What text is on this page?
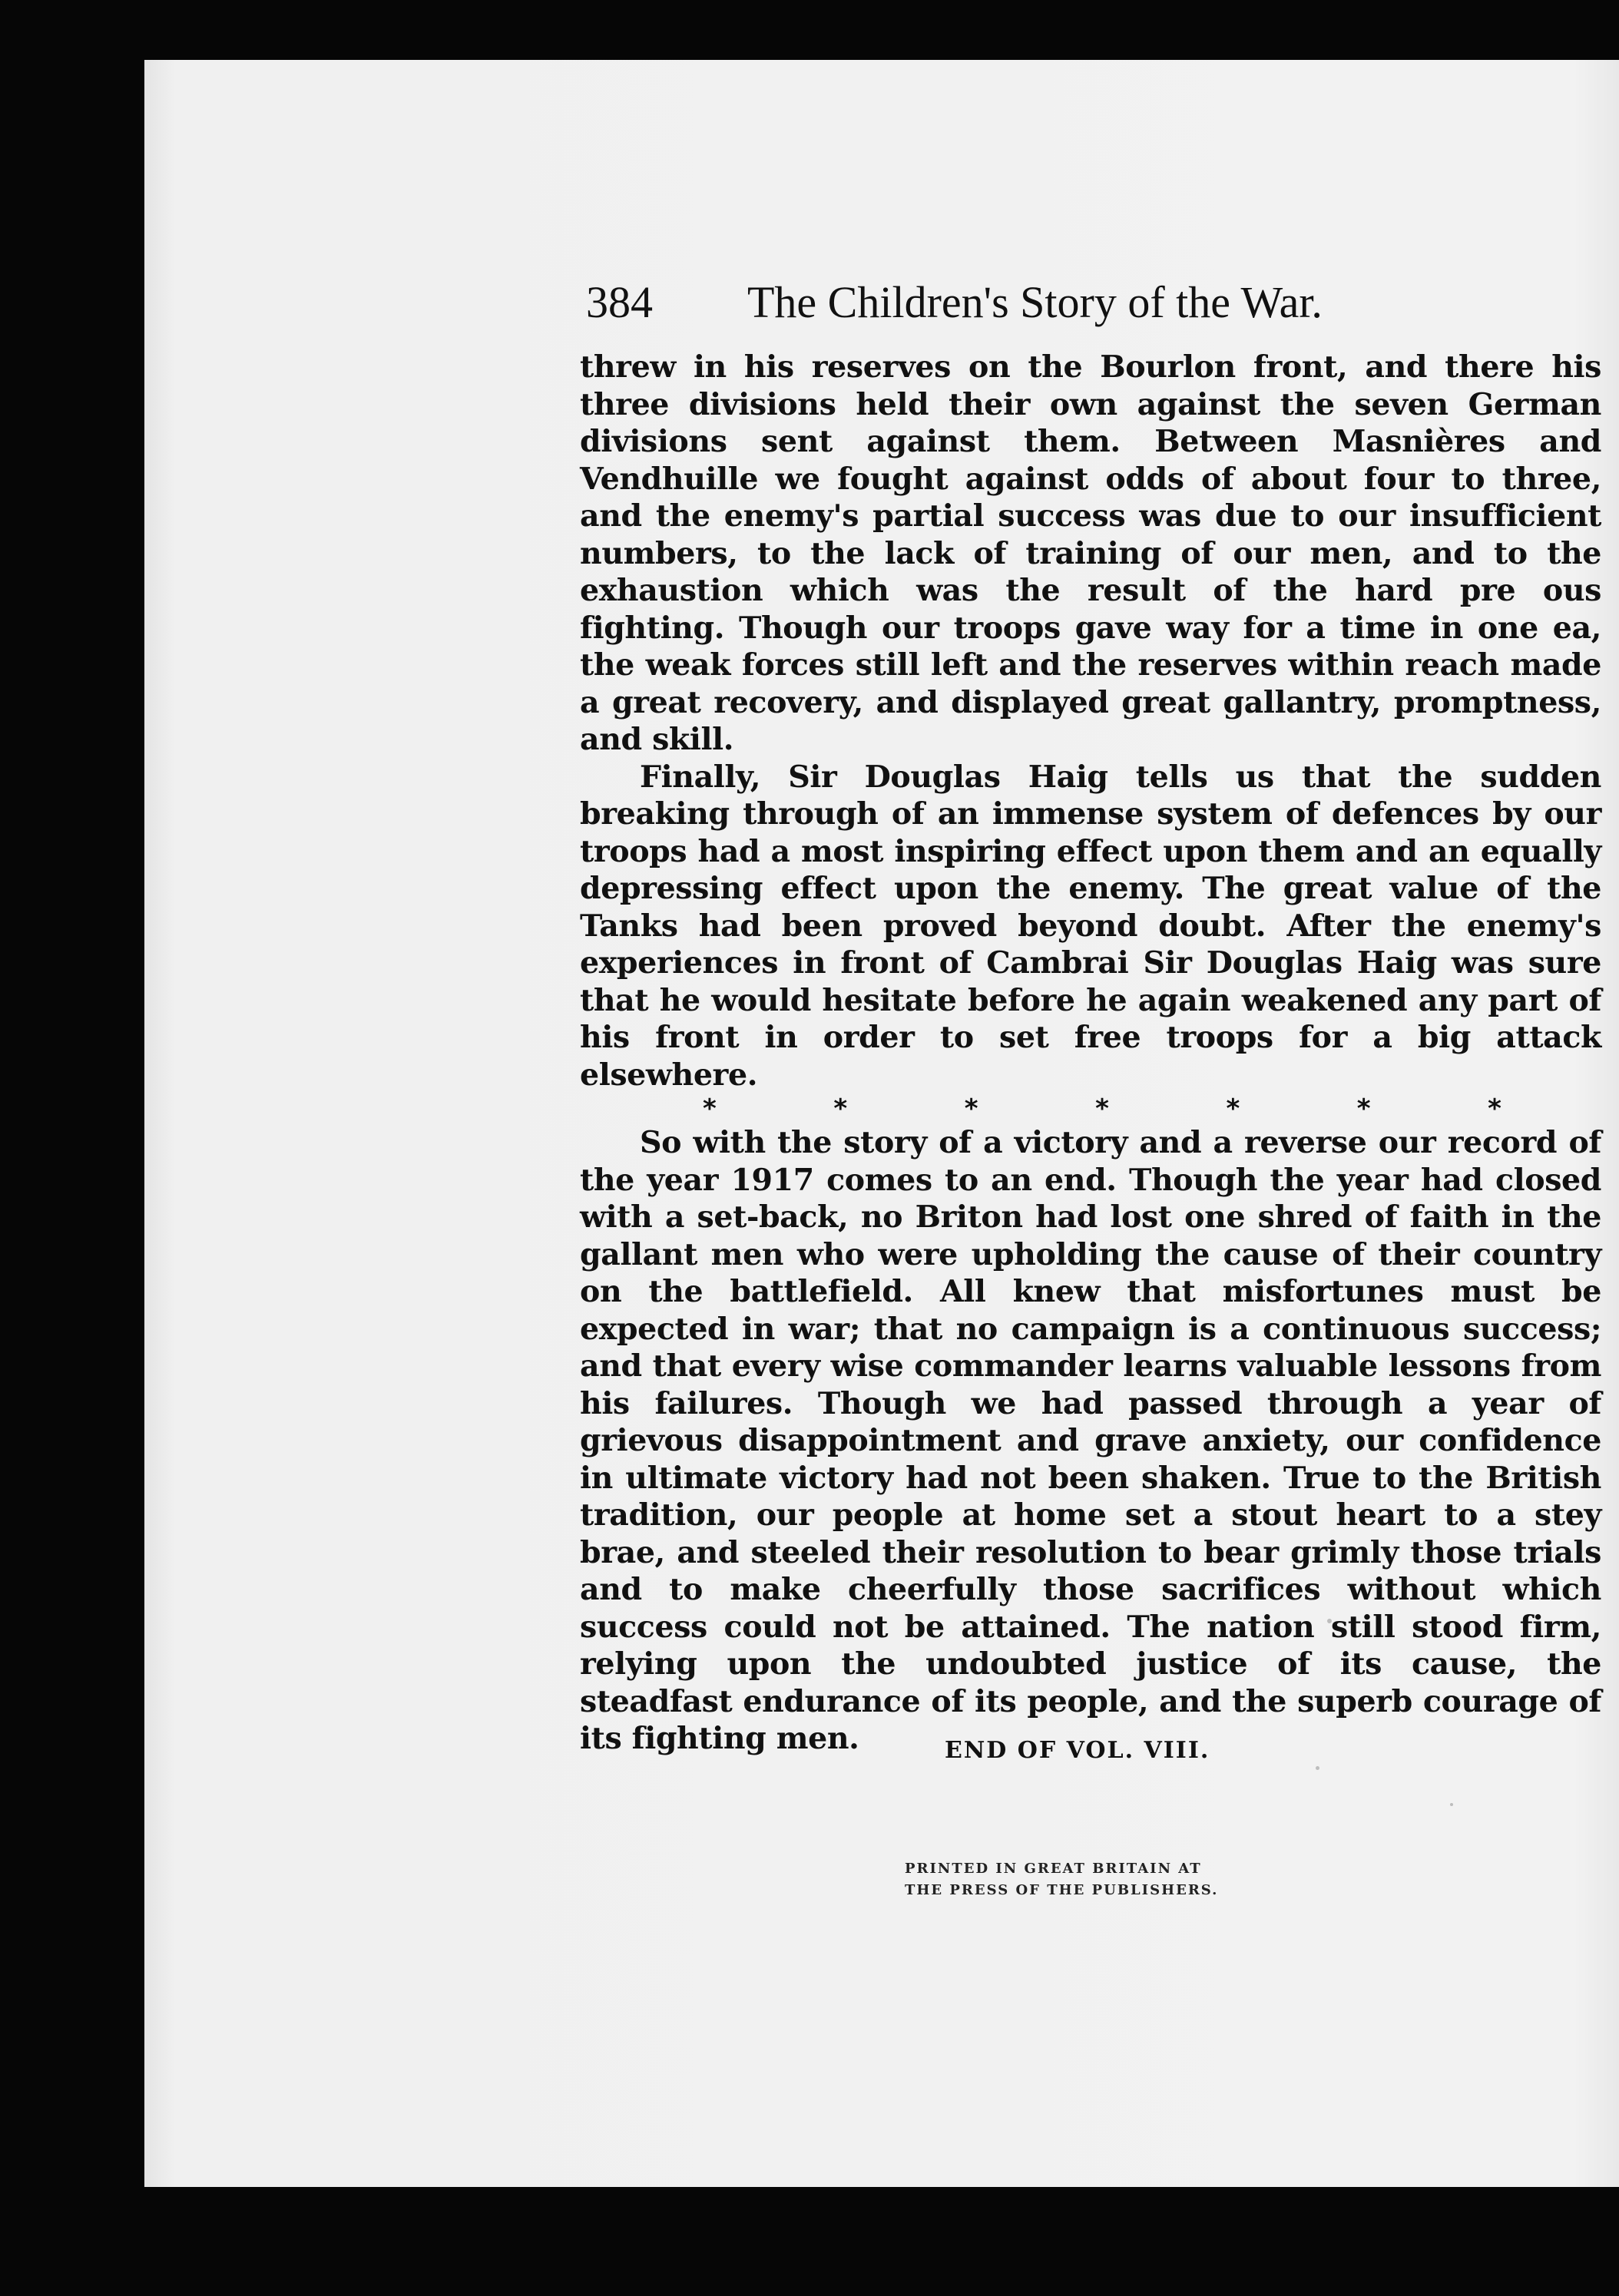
384	The Children's Story of the War.

threw in his reserves on the Bourlon front, and there his three divisions held their own against the seven German divisions sent against them. Between Masnières and Vendhuille we fought against odds of about four to three, and the enemy's partial success was due to our insufficient numbers, to the lack of training of our men, and to the exhaustion which was the result of the hard pre ous fighting. Though our troops gave way for a time in one ea, the weak forces still left and the reserves within reach made a great recovery, and displayed great gallantry, promptness, and skill.

Finally, Sir Douglas Haig tells us that the sudden breaking through of an immense system of defences by our troops had a most inspiring effect upon them and an equally depressing effect upon the enemy. The great value of the Tanks had been proved beyond doubt. After the enemy's experiences in front of Cambrai Sir Douglas Haig was sure that he would hesitate before he again weakened any part of his front in order to set free troops for a big attack elsewhere.

*	*	*	*	*	*	*

So with the story of a victory and a reverse our record of the year 1917 comes to an end. Though the year had closed with a set-back, no Briton had lost one shred of faith in the gallant men who were upholding the cause of their country on the battlefield. All knew that misfortunes must be expected in war; that no campaign is a continuous success; and that every wise commander learns valuable lessons from his failures. Though we had passed through a year of grievous disappointment and grave anxiety, our confidence in ultimate victory had not been shaken. True to the British tradition, our people at home set a stout heart to a stey brae, and steeled their resolution to bear grimly those trials and to make cheerfully those sacrifices without which success could not be attained. The nation still stood firm, relying upon the undoubted justice of its cause, the steadfast endurance of its people, and the superb courage of its fighting men.	END OF VOL. VIII.
PRINTED IN GREAT BRITAIN AT
THE PRESS OF THE PUBLISHERS.
